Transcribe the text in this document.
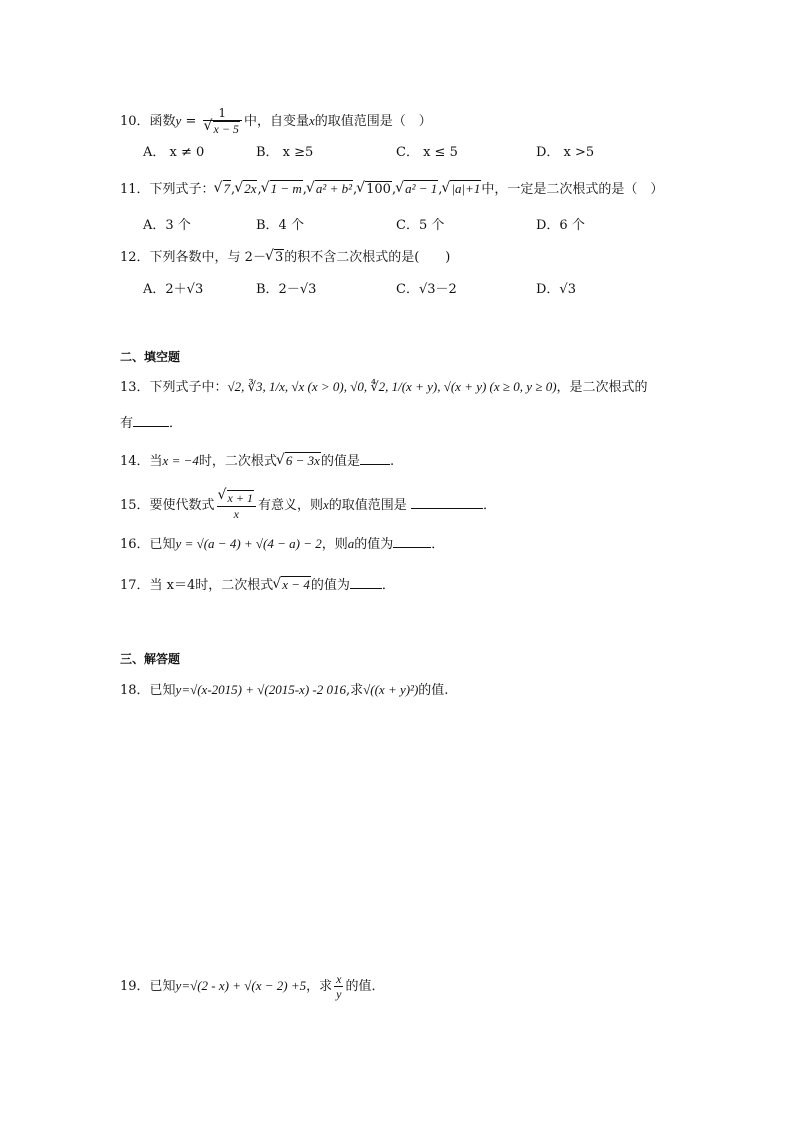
10．函数y = 1
√ x − 5 中，自变量x的取值范围是（　）
A． x ≠ 0	B． x ≥5	C． x ≤ 5	D． x >5
11．下列式子： √ 7, √ 2x, √ 1 − m, √ a² + b², √ 100, √ a² − 1, √ |a|+1中，一定是二次根式的是（　）
A．3 个	B．4 个	C．5 个	D．6 个
12．下列各数中，与 2－ √ 3的积不含二次根式的是(　　)
A．2＋√3	B．2－√3	C．√3－2	D．√3
二、填空题
13．下列式子中：√2, ∛3, 1/x, √x (x > 0), √0, ∜2, 1/(x + y), √(x + y) (x ≥ 0, y ≥ 0)，是二次根式的
有	．
14．当x = −4时，二次根式 √ 6 − 3x的值是 .
15．要使代数式 √ $\frac{x + 1}{x}$ 有意义，则x的取值范围是	．
16．已知y = √(a − 4) + √(4 − a) − 2，则a的值为	．
17．当 x＝4时，二次根式 √ x − 4的值为 ．
三、解答题
18．已知y=√(x-2015) + √(2015-x) -2 016,求√((x + y)²)的值.
19．已知y=√(2 - x) + √(x − 2) +5，求 $\frac{x}{y}$ 的值．
